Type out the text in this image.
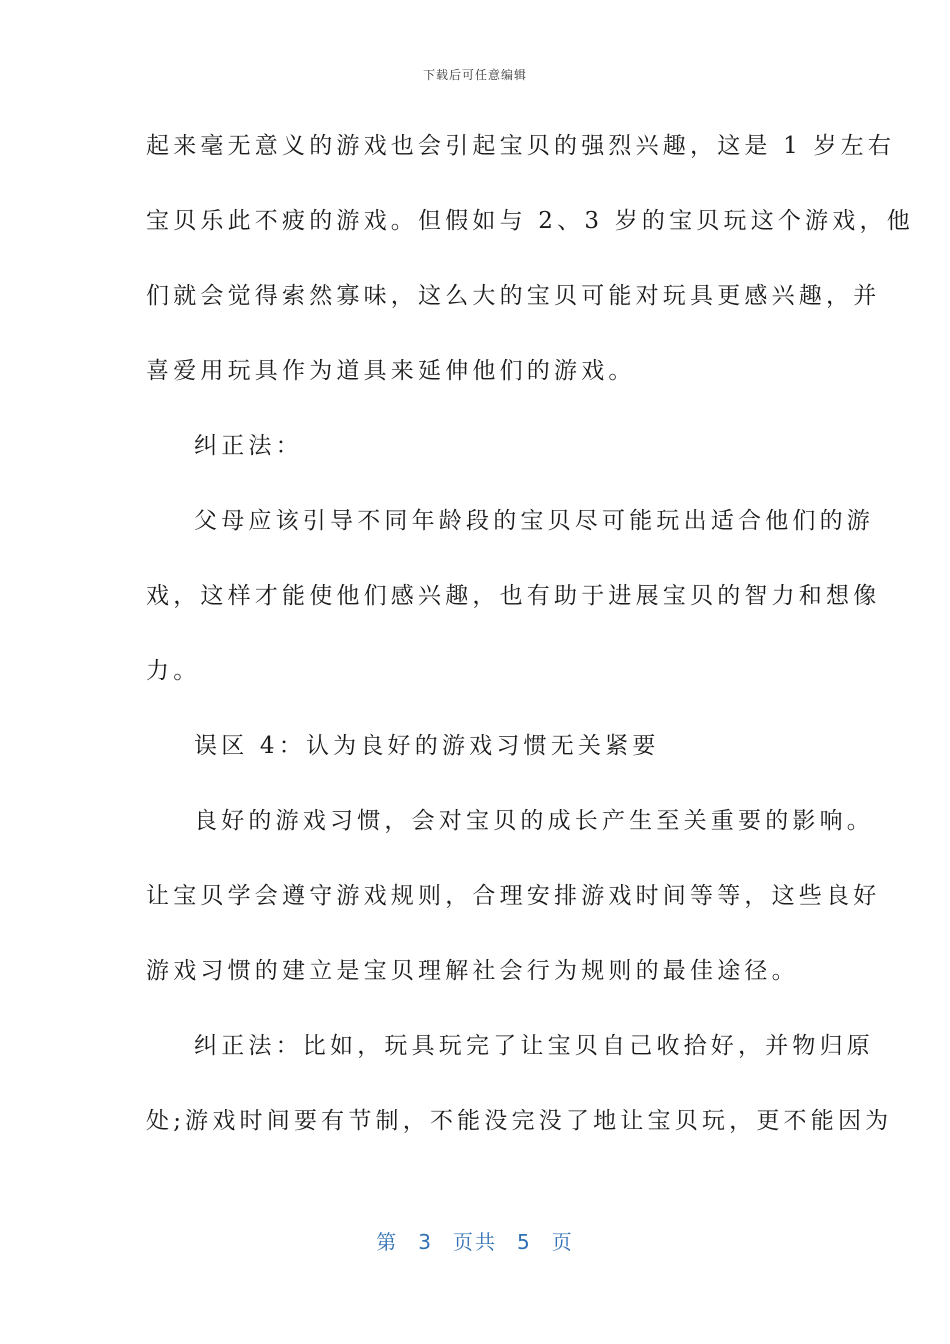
下载后可任意编辑
起来毫无意义的游戏也会引起宝贝的强烈兴趣，这是 1 岁左右
宝贝乐此不疲的游戏。但假如与 2、3 岁的宝贝玩这个游戏，他
们就会觉得索然寡味，这么大的宝贝可能对玩具更感兴趣，并
喜爱用玩具作为道具来延伸他们的游戏。
纠正法：
父母应该引导不同年龄段的宝贝尽可能玩出适合他们的游
戏，这样才能使他们感兴趣，也有助于进展宝贝的智力和想像
力。
误区 4：认为良好的游戏习惯无关紧要
良好的游戏习惯，会对宝贝的成长产生至关重要的影响。
让宝贝学会遵守游戏规则，合理安排游戏时间等等，这些良好
游戏习惯的建立是宝贝理解社会行为规则的最佳途径。
纠正法：比如，玩具玩完了让宝贝自己收拾好，并物归原
处;游戏时间要有节制，不能没完没了地让宝贝玩，更不能因为
第 3 页共 5 页
